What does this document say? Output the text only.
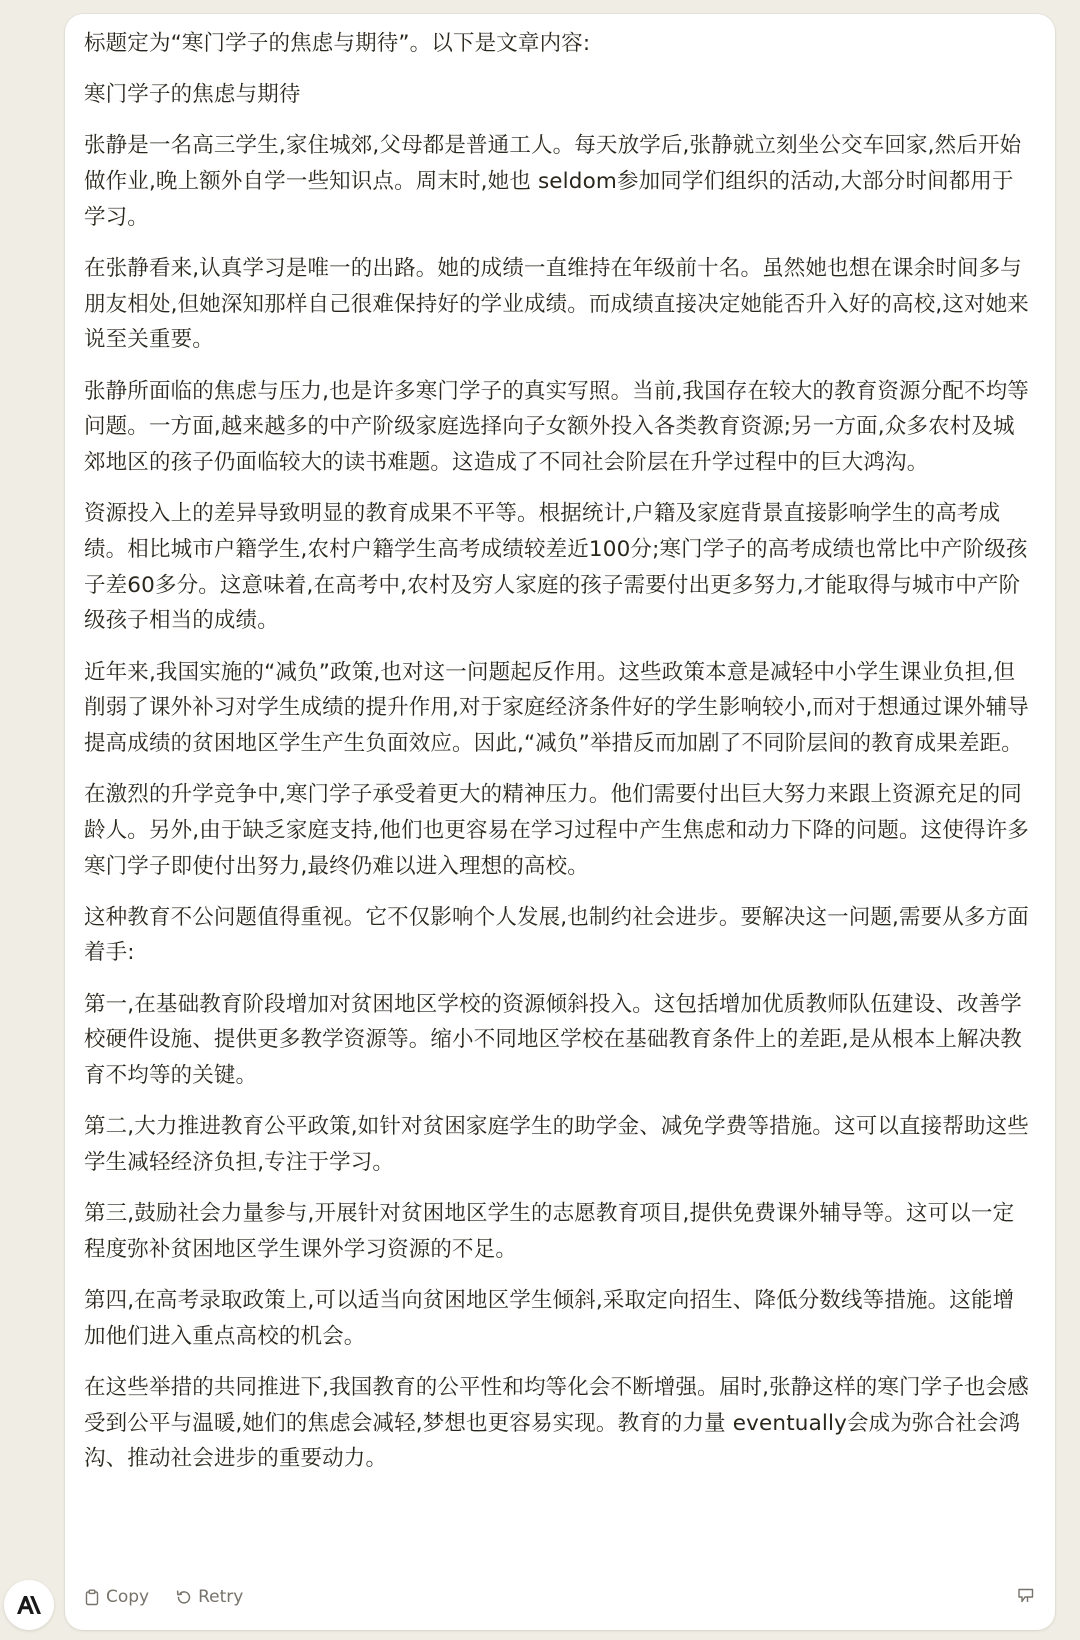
标题定为“寒门学子的焦虑与期待”。以下是文章内容:

寒门学子的焦虑与期待

张静是一名高三学生,家住城郊,父母都是普通工人。每天放学后,张静就立刻坐公交车回家,然后开始做作业,晚上额外自学一些知识点。周末时,她也 seldom参加同学们组织的活动,大部分时间都用于学习。

在张静看来,认真学习是唯一的出路。她的成绩一直维持在年级前十名。虽然她也想在课余时间多与朋友相处,但她深知那样自己很难保持好的学业成绩。而成绩直接决定她能否升入好的高校,这对她来说至关重要。

张静所面临的焦虑与压力,也是许多寒门学子的真实写照。当前,我国存在较大的教育资源分配不均等问题。一方面,越来越多的中产阶级家庭选择向子女额外投入各类教育资源;另一方面,众多农村及城郊地区的孩子仍面临较大的读书难题。这造成了不同社会阶层在升学过程中的巨大鸿沟。

资源投入上的差异导致明显的教育成果不平等。根据统计,户籍及家庭背景直接影响学生的高考成绩。相比城市户籍学生,农村户籍学生高考成绩较差近100分;寒门学子的高考成绩也常比中产阶级孩子差60多分。这意味着,在高考中,农村及穷人家庭的孩子需要付出更多努力,才能取得与城市中产阶级孩子相当的成绩。

近年来,我国实施的“减负”政策,也对这一问题起反作用。这些政策本意是减轻中小学生课业负担,但削弱了课外补习对学生成绩的提升作用,对于家庭经济条件好的学生影响较小,而对于想通过课外辅导提高成绩的贫困地区学生产生负面效应。因此,“减负”举措反而加剧了不同阶层间的教育成果差距。

在激烈的升学竞争中,寒门学子承受着更大的精神压力。他们需要付出巨大努力来跟上资源充足的同龄人。另外,由于缺乏家庭支持,他们也更容易在学习过程中产生焦虑和动力下降的问题。这使得许多寒门学子即使付出努力,最终仍难以进入理想的高校。

这种教育不公问题值得重视。它不仅影响个人发展,也制约社会进步。要解决这一问题,需要从多方面着手:

第一,在基础教育阶段增加对贫困地区学校的资源倾斜投入。这包括增加优质教师队伍建设、改善学校硬件设施、提供更多教学资源等。缩小不同地区学校在基础教育条件上的差距,是从根本上解决教育不均等的关键。

第二,大力推进教育公平政策,如针对贫困家庭学生的助学金、减免学费等措施。这可以直接帮助这些学生减轻经济负担,专注于学习。

第三,鼓励社会力量参与,开展针对贫困地区学生的志愿教育项目,提供免费课外辅导等。这可以一定程度弥补贫困地区学生课外学习资源的不足。

第四,在高考录取政策上,可以适当向贫困地区学生倾斜,采取定向招生、降低分数线等措施。这能增加他们进入重点高校的机会。

在这些举措的共同推进下,我国教育的公平性和均等化会不断增强。届时,张静这样的寒门学子也会感受到公平与温暖,她们的焦虑会减轻,梦想也更容易实现。教育的力量 eventually会成为弥合社会鸿沟、推动社会进步的重要动力。

Copy	Retry
